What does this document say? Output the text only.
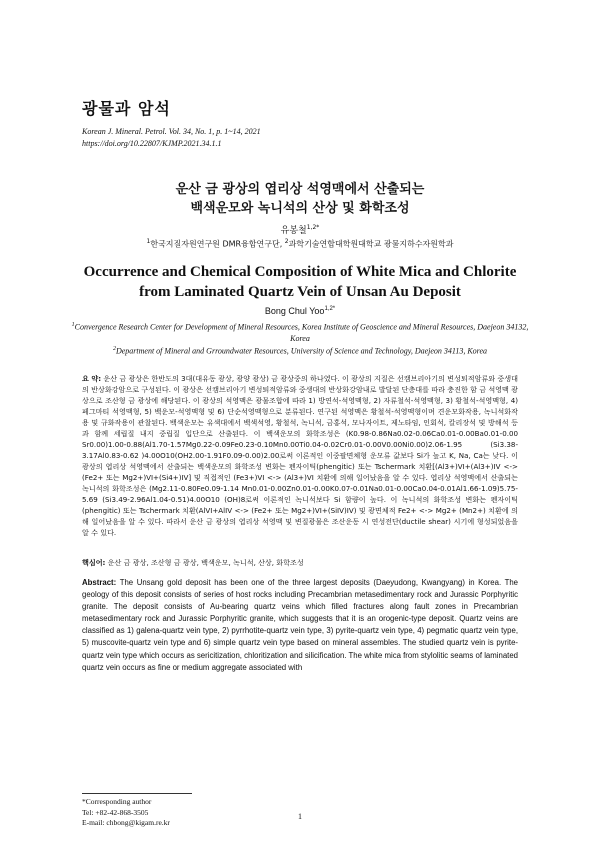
광물과 암석
Korean J. Mineral. Petrol. Vol. 34, No. 1, p. 1~14, 2021
https://doi.org/10.22807/KJMP.2021.34.1.1
운산 금 광상의 엽리상 석영맥에서 산출되는
백색운모와 녹니석의 산상 및 화학조성
유봉철$^{1,2*}$
$^1$한국지질자원연구원 DMR융합연구단, $^2$과학기술연합대학원대학교 광물지하수자원학과
Occurrence and Chemical Composition of White Mica and Chlorite
from Laminated Quartz Vein of Unsan Au Deposit
Bong Chul Yoo$^{1,2*}$
$^1$Convergence Research Center for Development of Mineral Resources, Korea Institute of Geoscience and Mineral Resources, Daejeon 34132, Korea
$^2$Department of Mineral and Grroundwater Resources, University of Science and Technology, Daejeon 34113, Korea
요 약: 운산 금 광상은 한반도의 3대(대유동 광상, 광양 광상) 금 광상중의 하나였다. 이 광상의 지질은 선캠브리아기의 변성퇴적암류와 중생대의 반상화강암으로 구성된다. 이 광상은 선캠브리아기 변성퇴적암류와 중생대의 반상화강암내로 발달된 단층대를 따라 충진한 함 금 석영맥 광상으로 조산형 금 광상에 해당된다. 이 광상의 석영맥은 광물조합에 따라 1) 방연석-석영맥형, 2) 자류철석-석영맥형, 3) 황철석-석영맥형, 4) 페그마티 석영맥형, 5) 백운모-석영맥형 및 6) 단순석영맥형으로 분류된다. 연구된 석영맥은 황철석-석영맥형이며 견운모화작용, 녹니석화작용 및 규화작용이 관찰된다. 백색운모는 유색대에서 백색석영, 황철석, 녹니석, 금홍석, 모나자이트, 제노타임, 인회석, 칼리장석 및 방해석 등과 함께 세립질 내지 중립질 입단으로 산출된다. 이 백색운모의 화학조성은 (K0.98-0.86Na0.02-0.06Ca0.01-0.00Ba0.01-0.00 Sr0.00)1.00-0.88(Al1.70-1.57Mg0.22-0.09Fe0.23-0.10Mn0.00Ti0.04-0.02Cr0.01-0.00V0.00Ni0.00)2.06-1.95 (Si3.38-3.17Al0.83-0.62 )4.00O10(OH2.00-1.91F0.09-0.00)2.00로써 이론적인 이중팔면체형 운모류 값보다 Si가 높고 K, Na, Ca는 낮다. 이 광상의 엽리상 석영맥에서 산출되는 백색운모의 화학조성 변화는 펜자이틱(phengitic) 또는 Tschermark 치환[(Al3+)VI+(Al3+)IV <-> (Fe2+ 또는 Mg2+)VI+(Si4+)IV] 및 직접적인 (Fe3+)VI <-> (Al3+)VI 치환에 의해 일어났음을 알 수 있다. 엽리상 석영맥에서 산출되는 녹니석의 화학조성은 (Mg2.11-0.80Fe0.09-1.14 Mn0.01-0.00Zn0.01-0.00K0.07-0.01Na0.01-0.00Ca0.04-0.01Al1.66-1.09)5.75-5.69 (Si3.49-2.96Al1.04-0.51)4.00O10 (OH)8로써 이론적인 녹니석보다 Si 함량이 높다. 이 녹니석의 화학조성 변화는 펜자이틱(phengitic) 또는 Tschermark 치환(AlVI+AlIV <-> (Fe2+ 또는 Mg2+)VI+(SiIV)IV) 및 광면체적 Fe2+ <-> Mg2+ (Mn2+) 치환에 의해 일어났음을 알 수 있다. 따라서 운산 금 광상의 엽리상 석영맥 및 변질광물은 조산운동 시 연성전단(ductile shear) 시기에 형성되었음을 알 수 있다.
핵심어: 운산 금 광상, 조산형 금 광상, 백색운모, 녹니석, 산상, 화학조성
Abstract: The Unsang gold deposit has been one of the three largest deposits (Daeyudong, Kwangyang) in Korea. The geology of this deposit consists of series of host rocks including Precambrian metasedimentary rock and Jurassic Porphyritic granite. The deposit consists of Au-bearing quartz veins which filled fractures along fault zones in Precambrian metasedimentary rock and Jurassic Porphyritic granite, which suggests that it is an orogenic-type deposit. Quartz veins are classified as 1) galena-quartz vein type, 2) pyrrhotite-quartz vein type, 3) pyrite-quartz vein type, 4) pegmatic quartz vein type, 5) muscovite-quartz vein type and 6) simple quartz vein type based on mineral assembles. The studied quartz vein is pyrite-quartz vein type which occurs as sericitization, chloritization and silicification. The white mica from stylolitic seams of laminated quartz vein occurs as fine or medium aggregate associated with
*Corresponding author
Tel: +82-42-868-3505
E-mail: chbong@kigam.re.kr
1
